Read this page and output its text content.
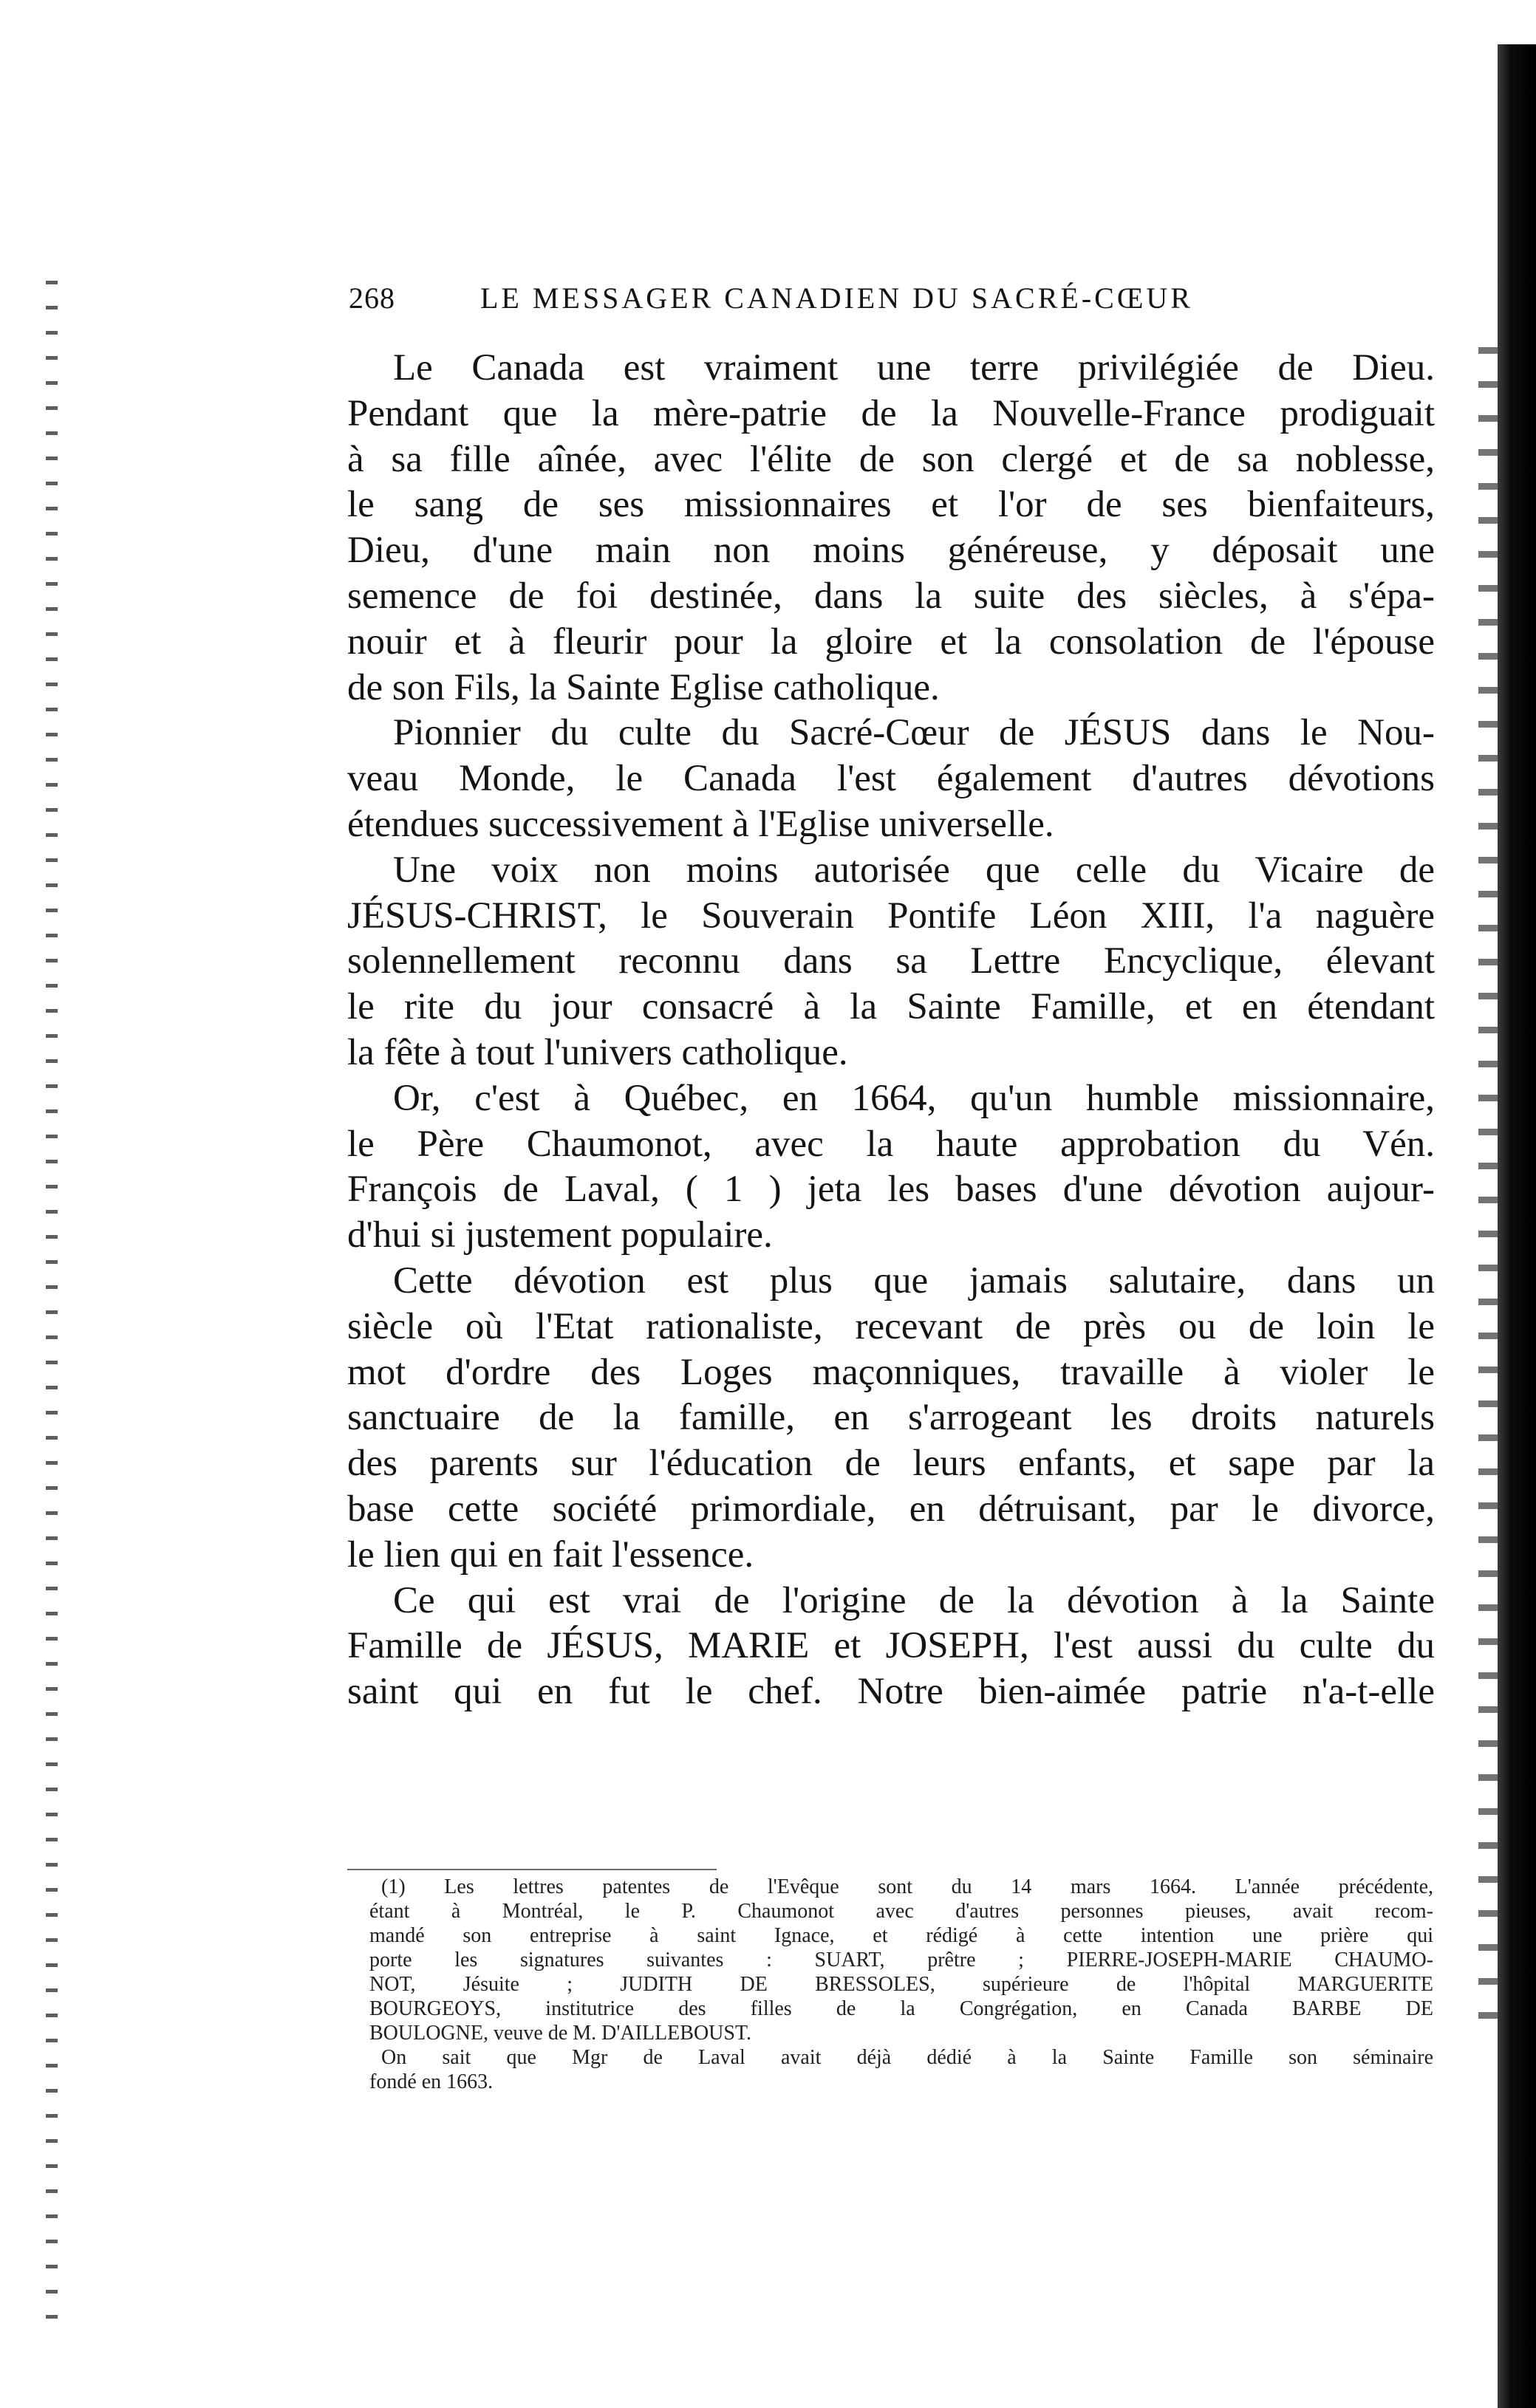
268	LE MESSAGER CANADIEN DU SACRÉ-CŒUR
Le Canada est vraiment une terre privilégiée de Dieu.
Pendant que la mère-patrie de la Nouvelle-France prodiguait
à sa fille aînée, avec l'élite de son clergé et de sa noblesse,
le sang de ses missionnaires et l'or de ses bienfaiteurs,
Dieu, d'une main non moins généreuse, y déposait une
semence de foi destinée, dans la suite des siècles, à s'épa-
nouir et à fleurir pour la gloire et la consolation de l'épouse
de son Fils, la Sainte Eglise catholique.
Pionnier du culte du Sacré-Cœur de JÉSUS dans le Nou-
veau Monde, le Canada l'est également d'autres dévotions
étendues successivement à l'Eglise universelle.
Une voix non moins autorisée que celle du Vicaire de
JÉSUS-CHRIST, le Souverain Pontife Léon XIII, l'a naguère
solennellement reconnu dans sa Lettre Encyclique, élevant
le rite du jour consacré à la Sainte Famille, et en étendant
la fête à tout l'univers catholique.
Or, c'est à Québec, en 1664, qu'un humble missionnaire,
le Père Chaumonot, avec la haute approbation du Vén.
François de Laval, ( 1 ) jeta les bases d'une dévotion aujour-
d'hui si justement populaire.
Cette dévotion est plus que jamais salutaire, dans un
siècle où l'Etat rationaliste, recevant de près ou de loin le
mot d'ordre des Loges maçonniques, travaille à violer le
sanctuaire de la famille, en s'arrogeant les droits naturels
des parents sur l'éducation de leurs enfants, et sape par la
base cette société primordiale, en détruisant, par le divorce,
le lien qui en fait l'essence.
Ce qui est vrai de l'origine de la dévotion à la Sainte
Famille de JÉSUS, MARIE et JOSEPH, l'est aussi du culte du
saint qui en fut le chef. Notre bien-aimée patrie n'a-t-elle
(1) Les lettres patentes de l'Evêque sont du 14 mars 1664. L'année précédente,
étant à Montréal, le P. Chaumonot avec d'autres personnes pieuses, avait recom-
mandé son entreprise à saint Ignace, et rédigé à cette intention une prière qui
porte les signatures suivantes : SUART, prêtre ; PIERRE-JOSEPH-MARIE CHAUMO-
NOT, Jésuite ; JUDITH DE BRESSOLES, supérieure de l'hôpital MARGUERITE
BOURGEOYS, institutrice des filles de la Congrégation, en Canada BARBE DE
BOULOGNE, veuve de M. D'AILLEBOUST.
On sait que Mgr de Laval avait déjà dédié à la Sainte Famille son séminaire
fondé en 1663.
